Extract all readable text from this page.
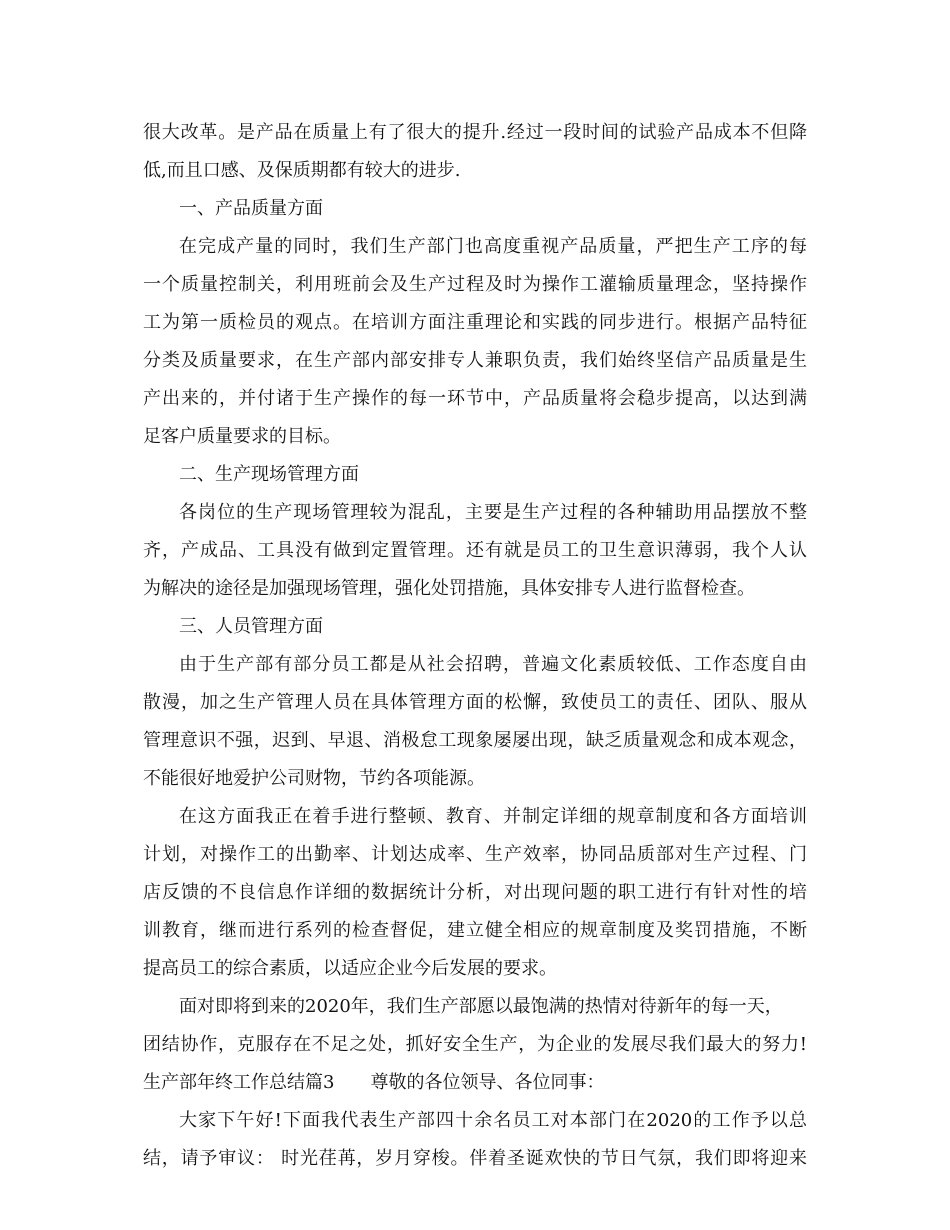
很大改革。是产品在质量上有了很大的提升.经过一段时间的试验产品成本不但降
低,而且口感、及保质期都有较大的进步.
一、产品质量方面
在完成产量的同时，我们生产部门也高度重视产品质量，严把生产工序的每
一个质量控制关，利用班前会及生产过程及时为操作工灌输质量理念，坚持操作
工为第一质检员的观点。在培训方面注重理论和实践的同步进行。根据产品特征
分类及质量要求，在生产部内部安排专人兼职负责，我们始终坚信产品质量是生
产出来的，并付诸于生产操作的每一环节中，产品质量将会稳步提高，以达到满
足客户质量要求的目标。
二、生产现场管理方面
各岗位的生产现场管理较为混乱，主要是生产过程的各种辅助用品摆放不整
齐，产成品、工具没有做到定置管理。还有就是员工的卫生意识薄弱，我个人认
为解决的途径是加强现场管理，强化处罚措施，具体安排专人进行监督检查。
三、人员管理方面
由于生产部有部分员工都是从社会招聘，普遍文化素质较低、工作态度自由
散漫，加之生产管理人员在具体管理方面的松懈，致使员工的责任、团队、服从
管理意识不强，迟到、早退、消极怠工现象屡屡出现，缺乏质量观念和成本观念，
不能很好地爱护公司财物，节约各项能源。
在这方面我正在着手进行整顿、教育、并制定详细的规章制度和各方面培训
计划，对操作工的出勤率、计划达成率、生产效率，协同品质部对生产过程、门
店反馈的不良信息作详细的数据统计分析，对出现问题的职工进行有针对性的培
训教育，继而进行系列的检查督促，建立健全相应的规章制度及奖罚措施，不断
提高员工的综合素质，以适应企业今后发展的要求。
面对即将到来的2020年，我们生产部愿以最饱满的热情对待新年的每一天，
团结协作，克服存在不足之处，抓好安全生产，为企业的发展尽我们最大的努力!
生产部年终工作总结篇3 尊敬的各位领导、各位同事：
大家下午好!下面我代表生产部四十余名员工对本部门在2020的工作予以总
结，请予审议： 时光荏苒，岁月穿梭。伴着圣诞欢快的节日气氛，我们即将迎来
